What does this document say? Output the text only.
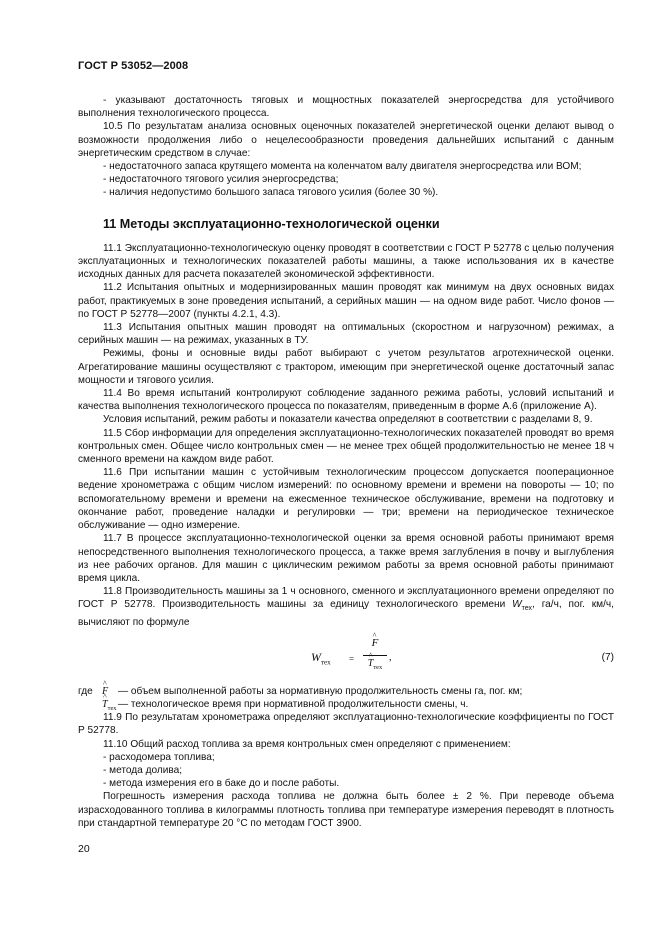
ГОСТ Р 53052—2008

- указывают достаточность тяговых и мощностных показателей энергосредства для устойчивого выполнения технологического процесса.

10.5 По результатам анализа основных оценочных показателей энергетической оценки делают вывод о возможности продолжения либо о нецелесообразности проведения дальнейших испытаний с данным энергетическим средством в случае:

- недостаточного запаса крутящего момента на коленчатом валу двигателя энергосредства или ВОМ;

- недостаточного тягового усилия энергосредства;

- наличия недопустимо большого запаса тягового усилия (более 30 %).

11 Методы эксплуатационно-технологической оценки

11.1 Эксплуатационно-технологическую оценку проводят в соответствии с ГОСТ Р 52778 с целью получения эксплуатационных и технологических показателей работы машины, а также использования их в качестве исходных данных для расчета показателей экономической эффективности.

11.2 Испытания опытных и модернизированных машин проводят как минимум на двух основных видах работ, практикуемых в зоне проведения испытаний, а серийных машин — на одном виде работ. Число фонов — по ГОСТ Р 52778—2007 (пункты 4.2.1, 4.3).

11.3 Испытания опытных машин проводят на оптимальных (скоростном и нагрузочном) режимах, а серийных машин — на режимах, указанных в ТУ.

Режимы, фоны и основные виды работ выбирают с учетом результатов агротехнической оценки. Агрегатирование машины осуществляют с трактором, имеющим при энергетической оценке достаточный запас мощности и тягового усилия.

11.4 Во время испытаний контролируют соблюдение заданного режима работы, условий испытаний и качества выполнения технологического процесса по показателям, приведенным в форме А.6 (приложение А).

Условия испытаний, режим работы и показатели качества определяют в соответствии с разделами 8, 9.

11.5 Сбор информации для определения эксплуатационно-технологических показателей проводят во время контрольных смен. Общее число контрольных смен — не менее трех общей продолжительностью не менее 18 ч сменного времени на каждом виде работ.

11.6 При испытании машин с устойчивым технологическим процессом допускается пооперационное ведение хронометража с общим числом измерений: по основному времени и времени на повороты — 10; по вспомогательному времени и времени на ежесменное техническое обслуживание, времени на подготовку и окончание работ, проведение наладки и регулировки — три; времени на периодическое техническое обслуживание — одно измерение.

11.7 В процессе эксплуатационно-технологической оценки за время основной работы принимают время непосредственного выполнения технологического процесса, а также время заглубления в почву и выглубления из нее рабочих органов. Для машин с циклическим режимом работы за время основной работы принимают время цикла.

11.8 Производительность машины за 1 ч основного, сменного и эксплуатационного времени определяют по ГОСТ Р 52778. Производительность машины за единицу технологического времени $W_{тех}$, га/ч, пог. км/ч, вычисляют по формуле

$W_{тех}$ =
^ F
^ $T_{тех}$
,	(7)
где
^ F — объем выполненной работы за нормативную продолжительность смены га, пог. км;
^ $T_{тех}$ — технологическое время при нормативной продолжительности смены, ч.

11.9 По результатам хронометража определяют эксплуатационно-технологические коэффициенты по ГОСТ Р 52778.

11.10 Общий расход топлива за время контрольных смен определяют с применением:

- расходомера топлива;

- метода долива;

- метода измерения его в баке до и после работы.

Погрешность измерения расхода топлива не должна быть более ± 2 %. При переводе объема израсходованного топлива в килограммы плотность топлива при температуре измерения переводят в плотность при стандартной температуре 20 °С по методам ГОСТ 3900.

20
